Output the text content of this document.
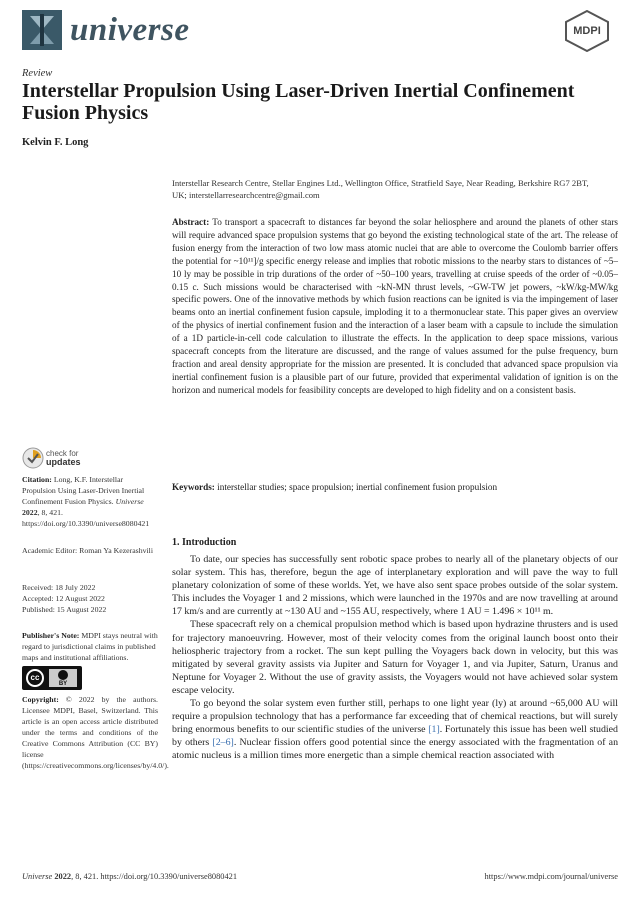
universe	MDPI
Review
Interstellar Propulsion Using Laser-Driven Inertial Confinement Fusion Physics
Kelvin F. Long
Interstellar Research Centre, Stellar Engines Ltd., Wellington Office, Stratfield Saye, Near Reading, Berkshire RG7 2BT, UK; interstellarresearchcentre@gmail.com
Abstract: To transport a spacecraft to distances far beyond the solar heliosphere and around the planets of other stars will require advanced space propulsion systems that go beyond the existing technological state of the art. The release of fusion energy from the interaction of two low mass atomic nuclei that are able to overcome the Coulomb barrier offers the potential for ~10¹¹]/g specific energy release and implies that robotic missions to the nearby stars to distances of ~5–10 ly may be possible in trip durations of the order of ~50–100 years, travelling at cruise speeds of the order of ~0.05–0.15 c. Such missions would be characterised with ~kN-MN thrust levels, ~GW-TW jet powers, ~kW/kg-MW/kg specific powers. One of the innovative methods by which fusion reactions can be ignited is via the impingement of laser beams onto an inertial confinement fusion capsule, imploding it to a thermonuclear state. This paper gives an overview of the physics of inertial confinement fusion and the interaction of a laser beam with a capsule to include the simulation of a 1D particle-in-cell code calculation to illustrate the effects. In the application to deep space missions, various spacecraft concepts from the literature are discussed, and the range of values assumed for the pulse frequency, burn fraction and areal density appropriate for the mission are presented. It is concluded that advanced space propulsion via inertial confinement fusion is a plausible part of our future, provided that experimental validation of ignition is on the horizon and numerical models for feasibility concepts are developed to high fidelity and on a consistent basis.
Keywords: interstellar studies; space propulsion; inertial confinement fusion propulsion
1. Introduction

To date, our species has successfully sent robotic space probes to nearly all of the planetary objects of our solar system. This has, therefore, begun the age of interplanetary exploration and will pave the way to full planetary colonization of some of these worlds. Yet, we have also sent space probes outside of the solar system. This includes the Voyager 1 and 2 missions, which were launched in the 1970s and are now travelling at around 17 km/s and are currently at ~130 AU and ~155 AU, respectively, where 1 AU = 1.496 × 10¹¹ m.

These spacecraft rely on a chemical propulsion method which is based upon hydrazine thrusters and is used for trajectory manoeuvring. However, most of their velocity comes from the original launch boost onto their heliospheric trajectory from a rocket. The sun kept pulling the Voyagers back down in velocity, but this was mitigated by several gravity assists via Jupiter and Saturn for Voyager 1, and via Jupiter, Saturn, Uranus and Neptune for Voyager 2. Without the use of gravity assists, the Voyagers would not have achieved solar system escape velocity.

To go beyond the solar system even further still, perhaps to one light year (ly) at around ~65,000 AU will require a propulsion technology that has a performance far exceeding that of chemical reactions, but will surely bring enormous benefits to our scientific studies of the universe [1]. Fortunately this issue has been well studied by others [2–6]. Nuclear fission offers good potential since the energy associated with the fragmentation of an atomic nucleus is a million times more energetic than a simple chemical reaction associated with

check for
updates
Citation: Long, K.F. Interstellar Propulsion Using Laser-Driven Inertial Confinement Fusion Physics. Universe 2022, 8, 421. https://doi.org/10.3390/universe8080421
Academic Editor: Roman Ya Kezerashvili
Received: 18 July 2022
Accepted: 12 August 2022
Published: 15 August 2022
Publisher's Note: MDPI stays neutral with regard to jurisdictional claims in published maps and institutional affiliations.
cc
BY
Copyright: © 2022 by the authors. Licensee MDPI, Basel, Switzerland. This article is an open access article distributed under the terms and conditions of the Creative Commons Attribution (CC BY) license (https://creativecommons.org/licenses/by/4.0/).
Universe 2022, 8, 421. https://doi.org/10.3390/universe8080421	https://www.mdpi.com/journal/universe
